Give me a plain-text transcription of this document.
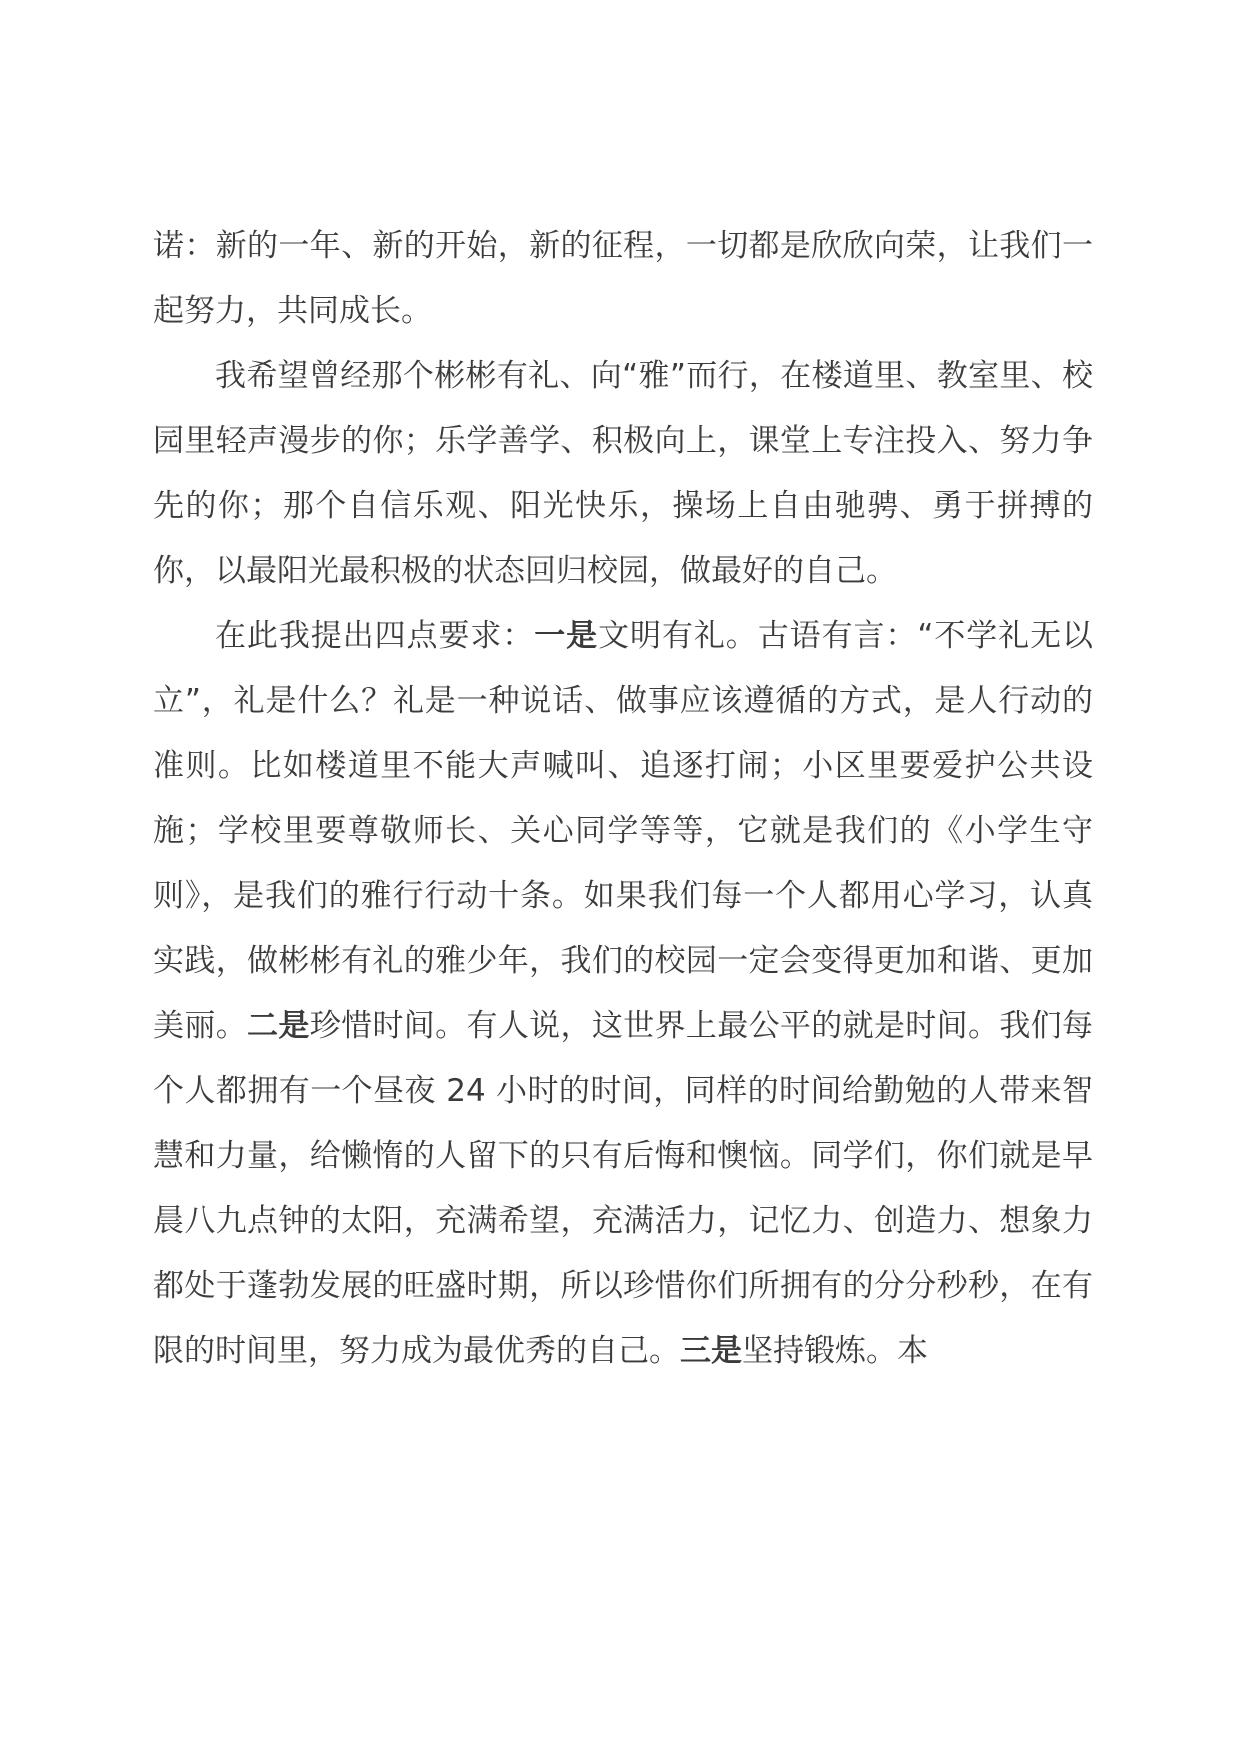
诺：新的一年、新的开始，新的征程，一切都是欣欣向荣，让我们一起努力，共同成长。

我希望曾经那个彬彬有礼、向“雅”而行，在楼道里、教室里、校园里轻声漫步的你；乐学善学、积极向上，课堂上专注投入、努力争先的你；那个自信乐观、阳光快乐，操场上自由驰骋、勇于拼搏的你，以最阳光最积极的状态回归校园，做最好的自己。

在此我提出四点要求：一是文明有礼。古语有言：“不学礼无以立”，礼是什么？礼是一种说话、做事应该遵循的方式，是人行动的准则。比如楼道里不能大声喊叫、追逐打闹；小区里要爱护公共设施；学校里要尊敬师长、关心同学等等，它就是我们的《小学生守则》，是我们的雅行行动十条。如果我们每一个人都用心学习，认真实践，做彬彬有礼的雅少年，我们的校园一定会变得更加和谐、更加美丽。二是珍惜时间。有人说，这世界上最公平的就是时间。我们每个人都拥有一个昼夜 24 小时的时间，同样的时间给勤勉的人带来智慧和力量，给懒惰的人留下的只有后悔和懊恼。同学们，你们就是早晨八九点钟的太阳，充满希望，充满活力，记忆力、创造力、想象力都处于蓬勃发展的旺盛时期，所以珍惜你们所拥有的分分秒秒，在有限的时间里，努力成为最优秀的自己。三是坚持锻炼。本
